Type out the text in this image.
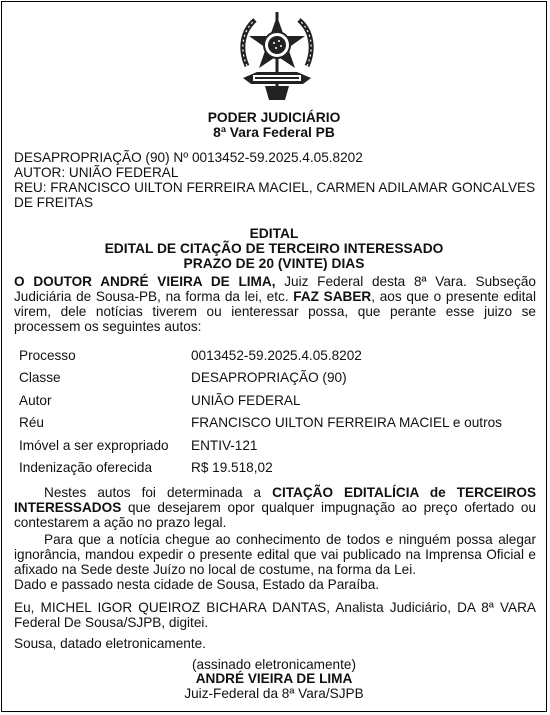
PODER JUDICIÁRIO
8ª Vara Federal PB
DESAPROPRIAÇÃO (90) Nº 0013452-59.2025.4.05.8202
AUTOR: UNIÃO FEDERAL
REU: FRANCISCO UILTON FERREIRA MACIEL, CARMEN ADILAMAR GONCALVES DE FREITAS
EDITAL
EDITAL DE CITAÇÃO DE TERCEIRO INTERESSADO
PRAZO DE 20 (VINTE) DIAS
O DOUTOR ANDRÉ VIEIRA DE LIMA, Juiz Federal desta 8ª Vara. Subseção Judiciária de Sousa-PB, na forma da lei, etc. FAZ SABER, aos que o presente edital virem, dele notícias tiverem ou ienteressar possa, que perante esse juizo se processem os seguintes autos:
Processo	0013452-59.2025.4.05.8202
Classe	DESAPROPRIAÇÃO (90)
Autor	UNIÃO FEDERAL
Réu	FRANCISCO UILTON FERREIRA MACIEL e outros
Imóvel a ser expropriado	ENTIV-121
Indenização oferecida	R$ 19.518,02
Nestes autos foi determinada a CITAÇÃO EDITALÍCIA de TERCEIROS INTERESSADOS que desejarem opor qualquer impugnação ao preço ofertado ou contestarem a ação no prazo legal.
Para que a notícia chegue ao conhecimento de todos e ninguém possa alegar ignorância, mandou expedir o presente edital que vai publicado na Imprensa Oficial e afixado na Sede deste Juízo no local de costume, na forma da Lei.
Dado e passado nesta cidade de Sousa, Estado da Paraíba.
Eu, MICHEL IGOR QUEIROZ BICHARA DANTAS, Analista Judiciário, DA 8ª VARA Federal De Sousa/SJPB, digitei.
Sousa, datado eletronicamente.
(assinado eletronicamente)
ANDRÉ VIEIRA DE LIMA
Juiz-Federal da 8ª Vara/SJPB
